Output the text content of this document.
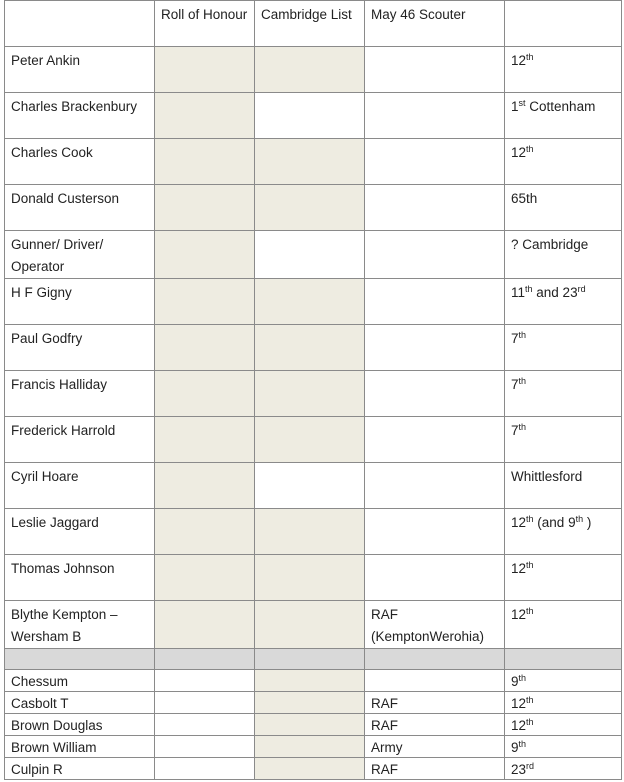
	Roll of Honour	Cambridge List	May 46 Scouter	
Peter Ankin				12th
Charles Brackenbury				1st Cottenham
Charles Cook				12th
Donald Custerson				65th
Gunner/ Driver/ Operator				? Cambridge
H F Gigny				11th and 23rd
Paul Godfry				7th
Francis Halliday				7th
Frederick Harrold				7th
Cyril Hoare				Whittlesford
Leslie Jaggard				12th (and 9th )
Thomas Johnson				12th
Blythe Kempton – Wersham B			RAF (KemptonWerohia)	12th

Chessum				9th
Casbolt T			RAF	12th
Brown Douglas			RAF	12th
Brown William			Army	9th
Culpin R			RAF	23rd
